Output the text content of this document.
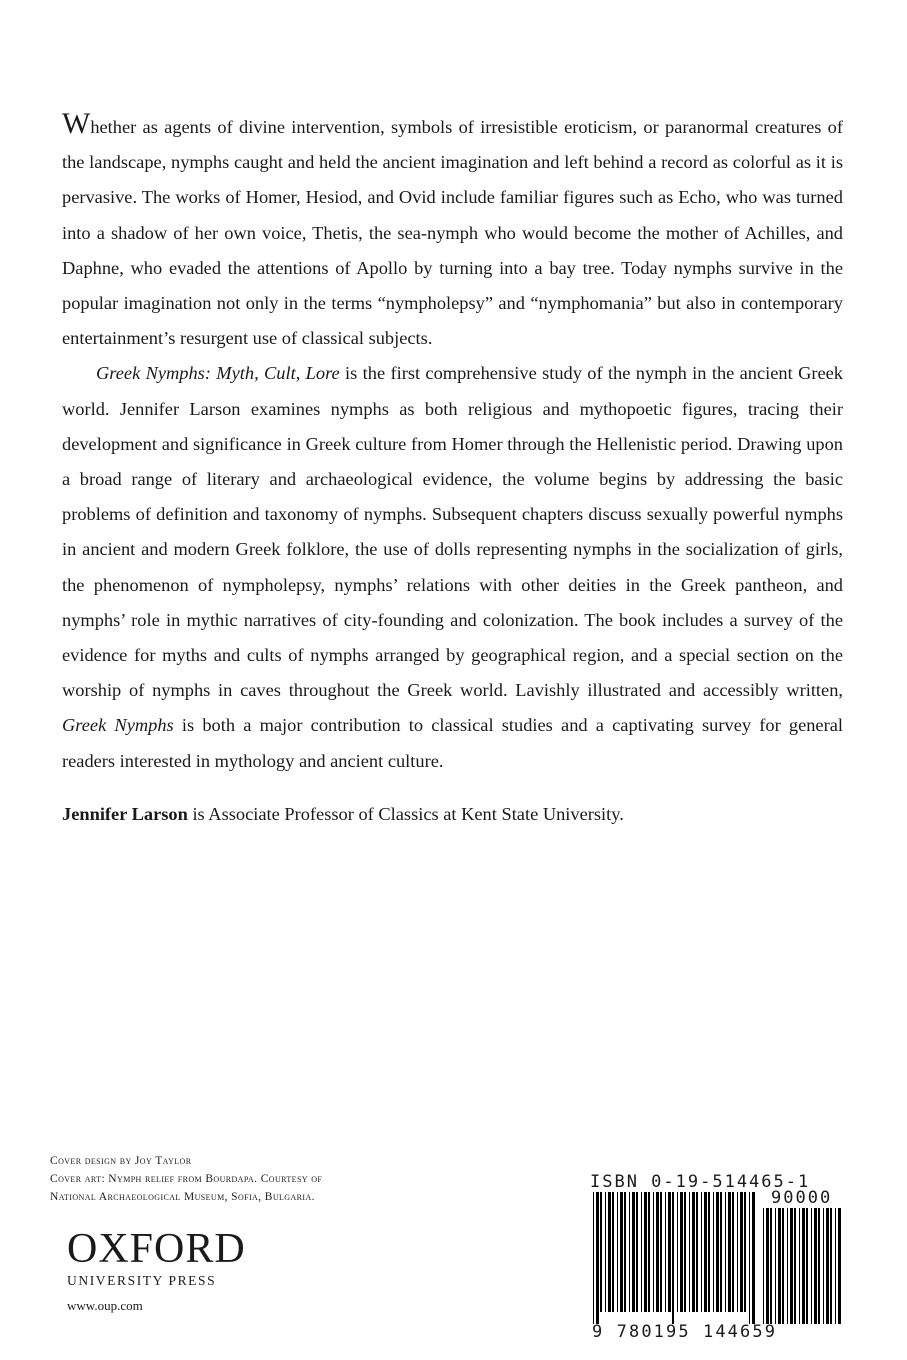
Whether as agents of divine intervention, symbols of irresistible eroticism, or paranormal creatures of the landscape, nymphs caught and held the ancient imagination and left behind a record as colorful as it is pervasive. The works of Homer, Hesiod, and Ovid include familiar figures such as Echo, who was turned into a shadow of her own voice, Thetis, the sea-nymph who would become the mother of Achilles, and Daphne, who evaded the attentions of Apollo by turning into a bay tree. Today nymphs survive in the popular imagination not only in the terms “nympholepsy” and “nymphomania” but also in contemporary entertainment’s resurgent use of classical subjects.

Greek Nymphs: Myth, Cult, Lore is the first comprehensive study of the nymph in the ancient Greek world. Jennifer Larson examines nymphs as both religious and mythopoetic figures, tracing their development and significance in Greek culture from Homer through the Hellenistic period. Drawing upon a broad range of literary and archaeological evidence, the volume begins by addressing the basic problems of definition and taxonomy of nymphs. Subsequent chapters discuss sexually powerful nymphs in ancient and modern Greek folklore, the use of dolls representing nymphs in the socialization of girls, the phenomenon of nympholepsy, nymphs’ relations with other deities in the Greek pantheon, and nymphs’ role in mythic narratives of city-founding and colonization. The book includes a survey of the evidence for myths and cults of nymphs arranged by geographical region, and a special section on the worship of nymphs in caves throughout the Greek world. Lavishly illustrated and accessibly written, Greek Nymphs is both a major contribution to classical studies and a captivating survey for general readers interested in mythology and ancient culture.

Jennifer Larson is Associate Professor of Classics at Kent State University.

Cover design by Joy Taylor
Cover art: Nymph relief from Bourdapa. Courtesy of
National Archaeological Museum, Sofia, Bulgaria.
OXFORD
UNIVERSITY PRESS
www.oup.com
ISBN 0-19-514465-1
90000
9 780195 144659
